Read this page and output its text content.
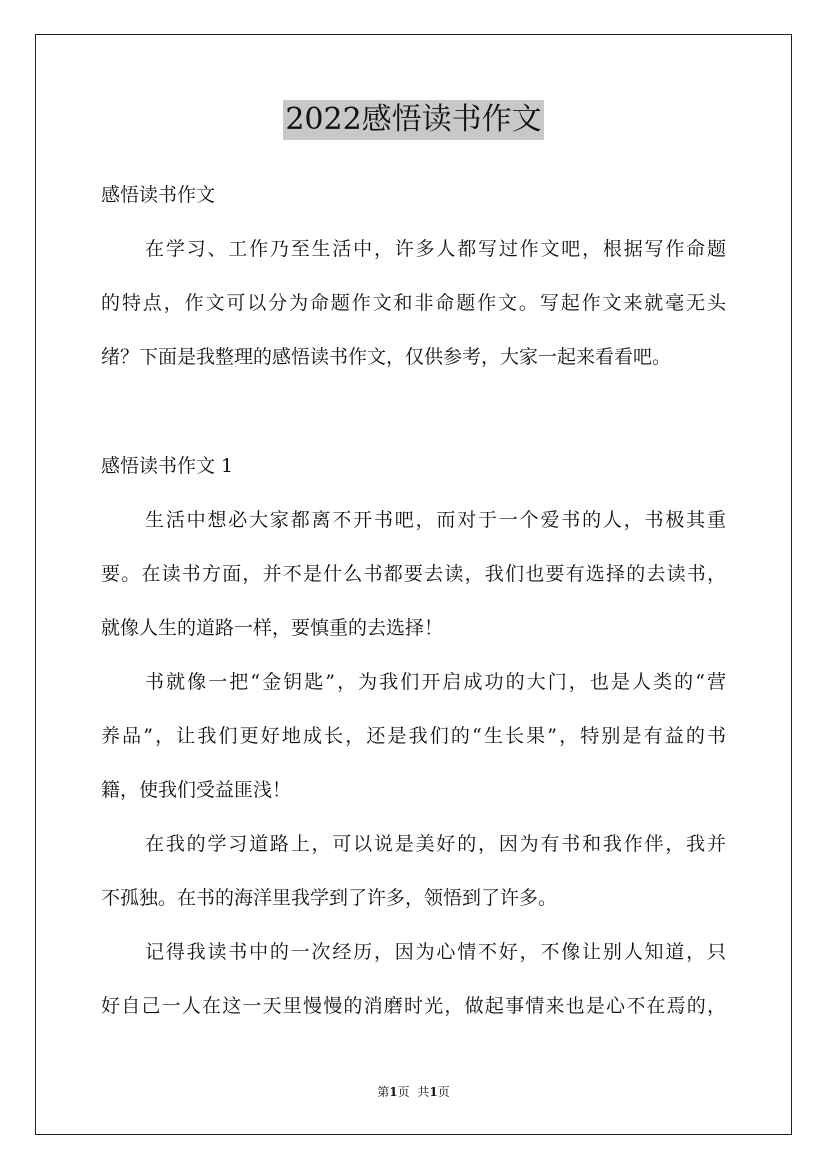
2022感悟读书作文
感悟读书作文
在学习、工作乃至生活中，许多人都写过作文吧，根据写作命题
的特点，作文可以分为命题作文和非命题作文。写起作文来就毫无头
绪？下面是我整理的感悟读书作文，仅供参考，大家一起来看看吧。
感悟读书作文 1
生活中想必大家都离不开书吧，而对于一个爱书的人，书极其重
要。在读书方面，并不是什么书都要去读，我们也要有选择的去读书，
就像人生的道路一样，要慎重的去选择！
书就像一把“金钥匙”，为我们开启成功的大门，也是人类的“营
养品”，让我们更好地成长，还是我们的“生长果”，特别是有益的书
籍，使我们受益匪浅！
在我的学习道路上，可以说是美好的，因为有书和我作伴，我并
不孤独。在书的海洋里我学到了许多，领悟到了许多。
记得我读书中的一次经历，因为心情不好，不像让别人知道，只
好自己一人在这一天里慢慢的消磨时光，做起事情来也是心不在焉的，
第1页 共1页
